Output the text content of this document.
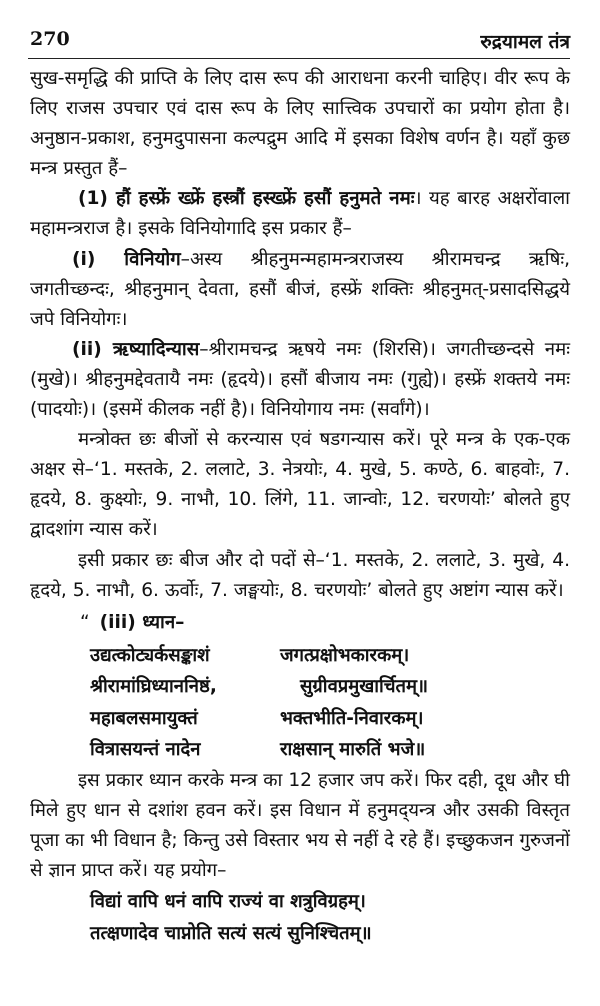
270	रुद्रयामल तंत्र

सुख-समृद्धि की प्राप्ति के लिए दास रूप की आराधना करनी चाहिए। वीर रूप के लिए राजस उपचार एवं दास रूप के लिए सात्त्विक उपचारों का प्रयोग होता है। अनुष्ठान-प्रकाश, हनुमदुपासना कल्पद्रुम आदि में इसका विशेष वर्णन है। यहाँ कुछ मन्त्र प्रस्तुत हैं–

(1) हौं हस्फ्रें ख्फ्रें हस्त्रौं हस्ख्फ्रें हसौं हनुमते नमः। यह बारह अक्षरोंवाला महामन्त्रराज है। इसके विनियोगादि इस प्रकार हैं–

(i) विनियोग–अस्य श्रीहनुमन्महामन्त्रराजस्य श्रीरामचन्द्र ऋषिः, जगतीच्छन्दः, श्रीहनुमान् देवता, हसौं बीजं, हस्फ्रें शक्तिः श्रीहनुमत्-प्रसादसिद्धये जपे विनियोगः।

(ii) ऋष्यादिन्यास–श्रीरामचन्द्र ऋषये नमः (शिरसि)। जगतीच्छन्दसे नमः (मुखे)। श्रीहनुमद्देवतायै नमः (हृदये)। हसौं बीजाय नमः (गुह्ये)। हस्फ्रें शक्तये नमः (पादयोः)। (इसमें कीलक नहीं है)। विनियोगाय नमः (सर्वांगे)।

मन्त्रोक्त छः बीजों से करन्यास एवं षडगन्यास करें। पूरे मन्त्र के एक-एक अक्षर से–‘1. मस्तके, 2. ललाटे, 3. नेत्रयोः, 4. मुखे, 5. कण्ठे, 6. बाहवोः, 7. हृदये, 8. कुक्ष्योः, 9. नाभौ, 10. लिंगे, 11. जान्वोः, 12. चरणयोः’ बोलते हुए द्वादशांग न्यास करें।

इसी प्रकार छः बीज और दो पदों से–‘1. मस्तके, 2. ललाटे, 3. मुखे, 4. हृदये, 5. नाभौ, 6. ऊर्वोः, 7. जङ्घयोः, 8. चरणयोः’ बोलते हुए अष्टांग न्यास करें।

“ (iii) ध्यान–

उद्यत्कोट्यर्कसङ्काशं	जगत्प्रक्षोभकारकम्।
श्रीरामांघ्रिध्याननिष्ठं,	सुग्रीवप्रमुखार्चितम्॥
महाबलसमायुक्तं	भक्तभीति-निवारकम्।
वित्रासयन्तं नादेन	राक्षसान् मारुतिं भजे॥

इस प्रकार ध्यान करके मन्त्र का 12 हजार जप करें। फिर दही, दूध और घी मिले हुए धान से दशांश हवन करें। इस विधान में हनुमद्‌यन्त्र और उसकी विस्तृत पूजा का भी विधान है; किन्तु उसे विस्तार भय से नहीं दे रहे हैं। इच्छुकजन गुरुजनों से ज्ञान प्राप्त करें। यह प्रयोग–

विद्यां वापि धनं वापि राज्यं वा शत्रुविग्रहम्।
तत्क्षणादेव चाप्नोति सत्यं सत्यं सुनिश्चितम्॥
